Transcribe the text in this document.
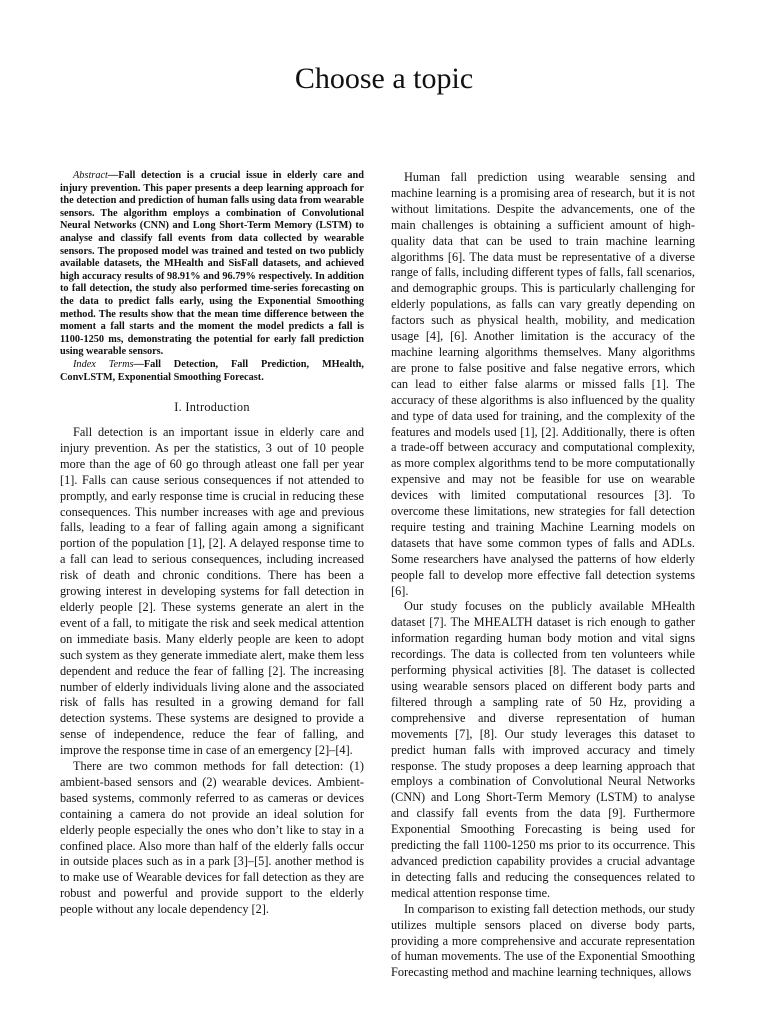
Choose a topic

Abstract—Fall detection is a crucial issue in elderly care and injury prevention. This paper presents a deep learning approach for the detection and prediction of human falls using data from wearable sensors. The algorithm employs a combination of Convolutional Neural Networks (CNN) and Long Short-Term Memory (LSTM) to analyse and classify fall events from data collected by wearable sensors. The proposed model was trained and tested on two publicly available datasets, the MHealth and SisFall datasets, and achieved high accuracy results of 98.91% and 96.79% respectively. In addition to fall detection, the study also performed time-series forecasting on the data to predict falls early, using the Exponential Smoothing method. The results show that the mean time difference between the moment a fall starts and the moment the model predicts a fall is 1100-1250 ms, demonstrating the potential for early fall prediction using wearable sensors.

Index Terms—Fall Detection, Fall Prediction, MHealth, ConvLSTM, Exponential Smoothing Forecast.

I. Introduction

Fall detection is an important issue in elderly care and injury prevention. As per the statistics, 3 out of 10 people more than the age of 60 go through atleast one fall per year [1]. Falls can cause serious consequences if not attended to promptly, and early response time is crucial in reducing these consequences. This number increases with age and previous falls, leading to a fear of falling again among a significant portion of the population [1], [2]. A delayed response time to a fall can lead to serious consequences, including increased risk of death and chronic conditions. There has been a growing interest in developing systems for fall detection in elderly people [2]. These systems generate an alert in the event of a fall, to mitigate the risk and seek medical attention on immediate basis. Many elderly people are keen to adopt such system as they generate immediate alert, make them less dependent and reduce the fear of falling [2]. The increasing number of elderly individuals living alone and the associated risk of falls has resulted in a growing demand for fall detection systems. These systems are designed to provide a sense of independence, reduce the fear of falling, and improve the response time in case of an emergency [2]–[4].

There are two common methods for fall detection: (1) ambient-based sensors and (2) wearable devices. Ambient-based systems, commonly referred to as cameras or devices containing a camera do not provide an ideal solution for elderly people especially the ones who don’t like to stay in a confined place. Also more than half of the elderly falls occur in outside places such as in a park [3]–[5]. another method is to make use of Wearable devices for fall detection as they are robust and powerful and provide support to the elderly people without any locale dependency [2].

Human fall prediction using wearable sensing and machine learning is a promising area of research, but it is not without limitations. Despite the advancements, one of the main challenges is obtaining a sufficient amount of high-quality data that can be used to train machine learning algorithms [6]. The data must be representative of a diverse range of falls, including different types of falls, fall scenarios, and demographic groups. This is particularly challenging for elderly populations, as falls can vary greatly depending on factors such as physical health, mobility, and medication usage [4], [6]. Another limitation is the accuracy of the machine learning algorithms themselves. Many algorithms are prone to false positive and false negative errors, which can lead to either false alarms or missed falls [1]. The accuracy of these algorithms is also influenced by the quality and type of data used for training, and the complexity of the features and models used [1], [2]. Additionally, there is often a trade-off between accuracy and computational complexity, as more complex algorithms tend to be more computationally expensive and may not be feasible for use on wearable devices with limited computational resources [3]. To overcome these limitations, new strategies for fall detection require testing and training Machine Learning models on datasets that have some common types of falls and ADLs. Some researchers have analysed the patterns of how elderly people fall to develop more effective fall detection systems [6].

Our study focuses on the publicly available MHealth dataset [7]. The MHEALTH dataset is rich enough to gather information regarding human body motion and vital signs recordings. The data is collected from ten volunteers while performing physical activities [8]. The dataset is collected using wearable sensors placed on different body parts and filtered through a sampling rate of 50 Hz, providing a comprehensive and diverse representation of human movements [7], [8]. Our study leverages this dataset to predict human falls with improved accuracy and timely response. The study proposes a deep learning approach that employs a combination of Convolutional Neural Networks (CNN) and Long Short-Term Memory (LSTM) to analyse and classify fall events from the data [9]. Furthermore Exponential Smoothing Forecasting is being used for predicting the fall 1100-1250 ms prior to its occurrence. This advanced prediction capability provides a crucial advantage in detecting falls and reducing the consequences related to medical attention response time.

In comparison to existing fall detection methods, our study utilizes multiple sensors placed on diverse body parts, providing a more comprehensive and accurate representation of human movements. The use of the Exponential Smoothing Forecasting method and machine learning techniques, allows
